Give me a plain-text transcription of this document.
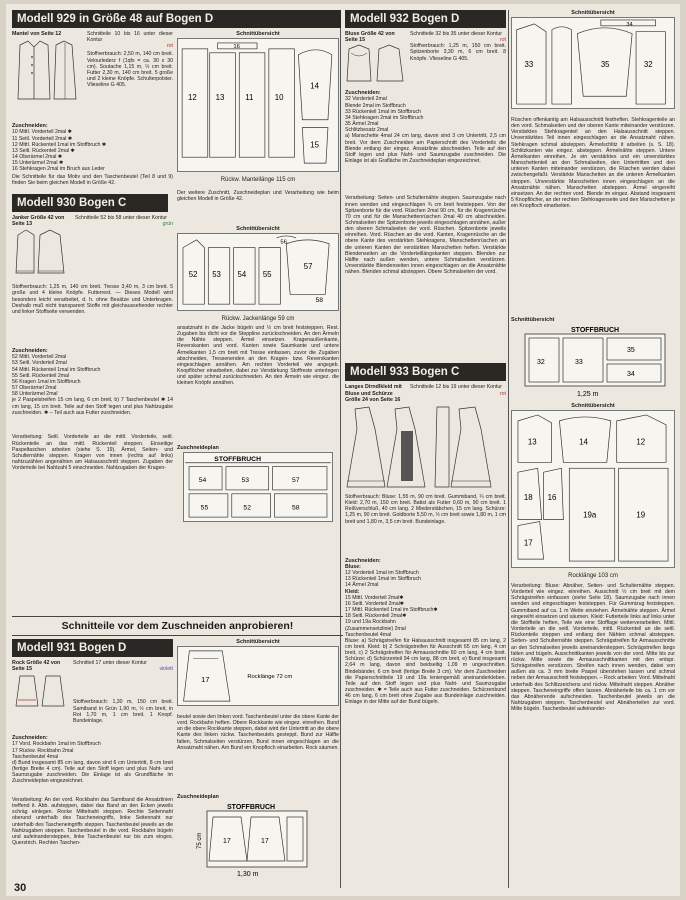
Modell 929 in Größe 48 auf Bogen D
Mantel von Seite 12	Schnitteile 10 bis 16 unter dieser Kontur
rot
Stoffverbrauch: 2,50 m, 140 cm breit. Velourlederz f (1qfs = ca. 30 x 30 cm). Soutache 1,15 m, ½ cm breit. Futter 2,30 m, 140 cm breit. 5 große und 2 kleine Knöpfe. Schulterpolster. Vlieseline G 405.
Zuschneiden:
10 Mittl. Vorderteil 2mal ✱
11 Seitl. Vorderteil 2mal ✱
12 Mittl. Rückenteil 1mal im Stoffbruch ✱
13 Seitl. Rückenteil 2mal ✱
14 Oberärmel 2mal ✱
15 Unterärmel 2mal ✱
16 Stehkragen 2mal im Bruch aus Leder
Die Schnitteile für das Motiv und den Taschenbeutel (Teil 8 und 9) finden Sie beim gleichen Modell in Größe 42.
Modell 930 Bogen C
Janker Größe 42 von Seite 13
Schnitteile 52 bis 58 unter dieser Kontur
grün
Stoffverbrauch: 1,25 m, 140 cm breit. Tresse 3,40 m, 3 cm breit. 5 große und 4 kleine Knöpfe. Futterrest. — Dieses Modell wird besonders leicht verarbeitet, d. h. ohne Besätze und Unterkragen. Deshalb muß nicht transparent Stoffe mit gleichaussehender rechter und linker Stoffseite verwenden.
Zuschneiden:
52 Mittl. Vorderteil 2mal
53 Seitl. Vorderteil 2mal
54 Mittl. Rückenteil 1mal im Stoffbruch
55 Seitl. Rückenteil 2mal
56 Kragen 1mal im Stoffbruch
57 Oberärmel 2mal
58 Unterärmel 2mal
je 2 Paspelstreifen 15 cm lang, 6 cm breit, b) 7 Taschenbeutel ✱ 14 cm lang, 15 cm breit. Teile auf den Stoff legen und plus Nahtzugabe zuschneiden. ✱ – Teil auch aus Futter zuschneiden.
Verarbeitung: Seitl. Vorderteile an die mittl. Vorderteile, seitl. Rückenteile an das mittl. Rückenteil steppen. Einseitige Paspeltaschen arbeiten (siehe S. 19). Ärmel, Seiten- und Schulternähte steppen. Kragen von innen (rechts auf links) nahtzuzählen angenähten am Halsausschnitt steppen. Zugaben der Vorderteile bei Nahtzahl 5 einschneiden. Nahtzugaben der Kragen-
Schnittübersicht
12 13	11	10
14
15
16
Rückw. Mantellänge 115 cm
Der weitere Zuschnitt, Zuschneideplan und Verarbeitung wie beim gleichen Modell in Größe 42.
Schnittübersicht
52 53 54 55
57
56
58
Rückw. Jackenlänge 59 cm
ansatznaht in die Jacke bügeln und ½ cm breit feststeppen. Rest. Zugaben bis dicht vor die Steppline zurückschneiden. An den Ärmeln die Nähte steppen. Ärmel einsetzen. Kragenaußenkante, Reverskanten und vord. Kanten sowie Saumkante und untere Ärmelkanten 1,5 cm breit mit Tresse einfassen, zuvor die Zugaben abschneiden, Tressenenden an den Kragen- bzw. Reverskanten eingeschlagen annähen. Am rechten Vorderteil wie angegeb. Knopflöcher einarbeiten, dabei zur Verstärkung Stoffreste unterlegen und später schmal zurückschneiden. An den Ärmeln wie eingez. die kleinen Knöpfe annähen.
Zuschneideplan
STOFFBRUCH
54	53	57
55	52	58
Schnitteile vor dem Zuschneiden anprobieren!
Modell 931 Bogen D
Rock Größe 42 von Seite 15
Schnitteil 17 unter dieser Kontur
violett
Stoffverbrauch: 1,30 m, 150 cm breit. Samtband in Grün 1,90 m, ½ cm breit, in Rot 1,70 m, 1 cm breit. 1 Knopf. Bundeinlage.
Zuschneiden:
17 Vord. Rockbahn 1mal im Stoffbruch
17 Rückw. Rockbahn 2mal
Taschenbeutel 4mal
d) Bund insgesamt 85 cm lang, davon sind 6 cm Untertritt, 8 cm breit (fertige Breite 4 cm). Teile auf den Stoff legen und plus Naht- und Saumzugabe zuschneiden. Die Einlage ist als Grundfläche im Zuschneideplan eingezeichnet.
Verarbeitung: An der vord. Rockbahn das Samtband die Ansatzlinien treffend it. Abb. aufsteppen, dabei das Band an den Ecken jeweils schräg einlegen. Rocke Mittelnaht steppen. Rechte Seitennaht oberund unterhalb des Tascheneingriffs, linke Seitennaht nur unterhalb des Tascheneingriffs steppen. Taschenbeutel jeweils an die Nahtzugaben steppen. Taschenbeutel in die vord. Rockbahn bügeln und aufeinandersteppen, linke Taschenbeutel nur bis zum einges. Querstrich. Rechten Taschen-
Schnittübersicht
17	Rocklänge 72 cm
beutel sowie den linken vord. Taschenbeutel unter die obere Kante der vord. Rockbahn heften. Obere Rockkante wie eingez. einreihen. Bund an die obere Rockkante steppen, dabei wird der Untertritt an die obere Kante des linken rückw. Taschenbeutels gesteppt. Bund zur Hälfte falten, Schmalseiten verstürzen, Bund innen eingeschlagen an die Ansatznaht nähen. Am Bund ein Knopfloch einarbeiten. Rock säumen.
Zuschneideplan
STOFFBRUCH
17	17
1,30 m
75 cm
Modell 932 Bogen D
Bluse Größe 42 von Seite 15
Schnitteile 32 bis 35 unter dieser Kontur
rot
Stoffverbrauch: 1,25 m, 150 cm breit. Spitzenborte 3,30 m, 6 cm breit. 8 Knöpfe. Vlieseline G 405.
Zuschneiden:
32 Vorderteil 2mal
Blende 2mal im Stoffbruch
33 Rückenteil 1mal im Stoffbruch
34 Stehkragen 2mal im Stoffbruch
35 Ärmel 2mal
Schlitzbesatz 2mal
a) Manschette 4mal 24 cm lang, davon sind 3 cm Untertritt, 2,5 cm breit. Vor dem Zuschneiden am Papierschnitt des Vorderteils die Blende entlang der eingez. Ansatzlinie abschneiden. Teile auf den Stoff legen und plus Naht- und Saumzugabe zuschneiden. Die Einlage ist als Grafläche im Zuschneideplan eingezeichnet.
Verarbeitung: Seiten- und Schulternähte steppen. Saumzugabe nach innen wenden und eingeschlagen ¾ cm breit feststeppen. Von der Spitzenborte für die vord. Rüschen 2mal 90 cm, für die Kragenrüsche 70 cm und für die Manschettenrüschen 2mal 40 cm abschneiden. Schmalseiten der Spitzenborte jeweils eingeschlagen annähen, außer den oberen Schmalseiten der vord. Rüschen. Spitzenborte jeweils einreihen. Vord. Rüschen an die vord. Kanten, Kragenrüsche an die obere Kante des verstärkten Stehkragens, Manschettenrüschen an die unteren Kanten der verstärkten Manschetten heften. Verstärkte Blendenseiten an die Vorderteillängskanten steppen. Blenden zur Hälfte nach außen wenden, untere Schmalseiten verstürzen. Unverstärkte Blendenseiten innen eingeschlagen an die Ansatznähte nähen. Blenden schmal absteppen. Obere Schmalseiten der vord.
Modell 933 Bogen C
Langes Dirndlkleid mit Bluse und Schürze Größe 24 von Seite 16
Schnitteile 12 bis 19 unter dieser Kontur
rot
Stoffverbrauch: Bluse: 1,55 m, 90 cm breit. Gummiband, ¼ cm breit. Kleid: 2,70 m, 150 cm breit. Batist als Futter 0,60 m, 90 cm breit. 1 Reißverschluß, 40 cm lang. 2 Miederstäbchen, 15 cm lang. Schürze: 1,25 m, 90 cm breit. Goldborte 5,50 m, ½ cm breit sowie 1,80 m, 1 cm breit und 1,80 m, 3,5 cm breit. Bundeinlage.
Zuschneiden:
Bluse:
12 Vorderteil 1mal im Stoffbruch
13 Rückenteil 1mal im Stoffbruch
14 Ärmel 2mal
Kleid:
15 Mittl. Vorderteil 2mal✱
16 Seitl. Vorderteil 2mal✱
17 Mittl. Rückenteil 1mal im Stoffbruch✱
18 Seitl. Rückenteil 2mal✱
19 und 19a Rockbahn
(Zusammensetzlinie) 2mal
Taschenbeutel 4mal
Bluse: a) Schrägstreifen für Halsausschnitt insgesamt 85 cm lang, 2 cm breit. Kleid: b) 2 Schrägstreifen für Ausschnitt 65 cm lang, 4 cm breit, c) 2 Schrägstreifen für Armausschnitte 60 cm lang, 4 cm breit. Schürze: d) Schürzenteil 94 cm lang, 88 cm breit, e) Bund insgesamt 2,64 m lang, davon sind beidseitig 1,09 m ungeschnitten. Bindebänder, 6 cm breit (fertige Breite 3 cm). Vor dem Zuschneiden die Papierschnitteile 19 und 19a leniengemäß aneinanderkleben. Teile auf den Stoff legen und plus Naht- und Saumzugabe zuschneiden. ✱ = Teile auch aus Futter zuschneiden. Schürzenbund 46 cm lang, 6 cm breit ohne Zugabe aus Bundeinlage zuschneiden. Einlage in der Mitte auf der Bund bügeln.
Schnittübersicht
33	35	32
34
Rüschen offenkantig am Halsausschnitt festheften. Stehkragenteile an den vord. Schmalseiten und der oberen Kante miteinander verstürzen. Verstärktes Stehkragenteil an den Halsausschnitt steppen. Unverstärktes Teil innen eingeschlagen an die Ansatznaht nähen. Stehkragen schmal absteppen. Ärmelschlitz it arbeiten (s. S. 18). Schlitzkanten wie eingez. absteppen. Ärmelnähte steppen. Untere Ärmelkanten einreihen. Je ein verstärktes und ein unverstärktes Manschettenteil an den Schmalseiten, den Untertritten und den unteren Kanten miteinander verstürzen, die Rüschen werden dabei zwischengefaßt. Verstärkte Manschetten an die unteren Ärmelkanten steppen. Unverstärkte Manschetten innen eingeschlagen an die Ansatznähte nähen. Manschetten absteppen. Ärmel eingereiht einsetzen. An der rechten vord. Blende im eingez. Abstand insgesamt 5 Knopflöcher, an der rechten Stehkragenseite und den Manschetten je ein Knopfloch einarbeiten.
Schnittübersicht
STOFFBRUCH
32	33
35
34
1,25 m
Schnittübersicht
13	14	12
18 16
19a	19
17
Rocklänge 103 cm
Verarbeitung: Bluse: Abnäher, Seiten- und Schulternähte steppen. Vorderteil wie eingez. einreihen. Ausschnitt ½ cm breit mit dem Schrägstreifen einfassen (siehe Seite 18). Saumzugabe nach innen wenden und eingeschlagen feststeppen. Für Gummizug feststeppen. Gummiband auf ca. 1 m Weite einziehen. Ärmelnähte steppen. Ärmel eingereiht einsetzen und säumen. Kleid: Futterteile links auf links unter die Stoffteile heften, Teile wie eine Stofflage weiterverarbeiten. Mittl. Vorderteile an die seitl. Vorderteile, mittl. Rückenteil an die seitl. Rückenteile steppen und entlang den Nähten schmal absteppen. Seiten- und Schulternähte steppen. Schrägstreifen für Armausschnitte an den Schmalseiten jeweils aneinandersteppen. Schrägstreifen längs falten und bügeln. Ausschnittkanten jeweils von der vord. Mitte bis zur rückw. Mitte sowie die Armausschnittkanten mit den entspr. Schrägstreifen verstürzen. Streifen nach innen wenden, dabei von außen als ca. 3 mm breite Paspel überstehen lassen und schmal neben der Armausschnitt feststeppen. – Rock arbeiten: Vord. Mittelnaht unterhalb des Schlitzzeichens und rückw. Mittelnaht steppen. Abnäher steppen. Tascheneingriffe offen lassen. Abnäherteile bis ca. 1 cm vor das Abnäherende aufschneiden. Taschenbeutel jeweils an die Nahtzugaben steppen. Taschenbeutel und Abnäherteilen zur vord. Mitte bügeln. Taschenbeutel aufeinander-
30
